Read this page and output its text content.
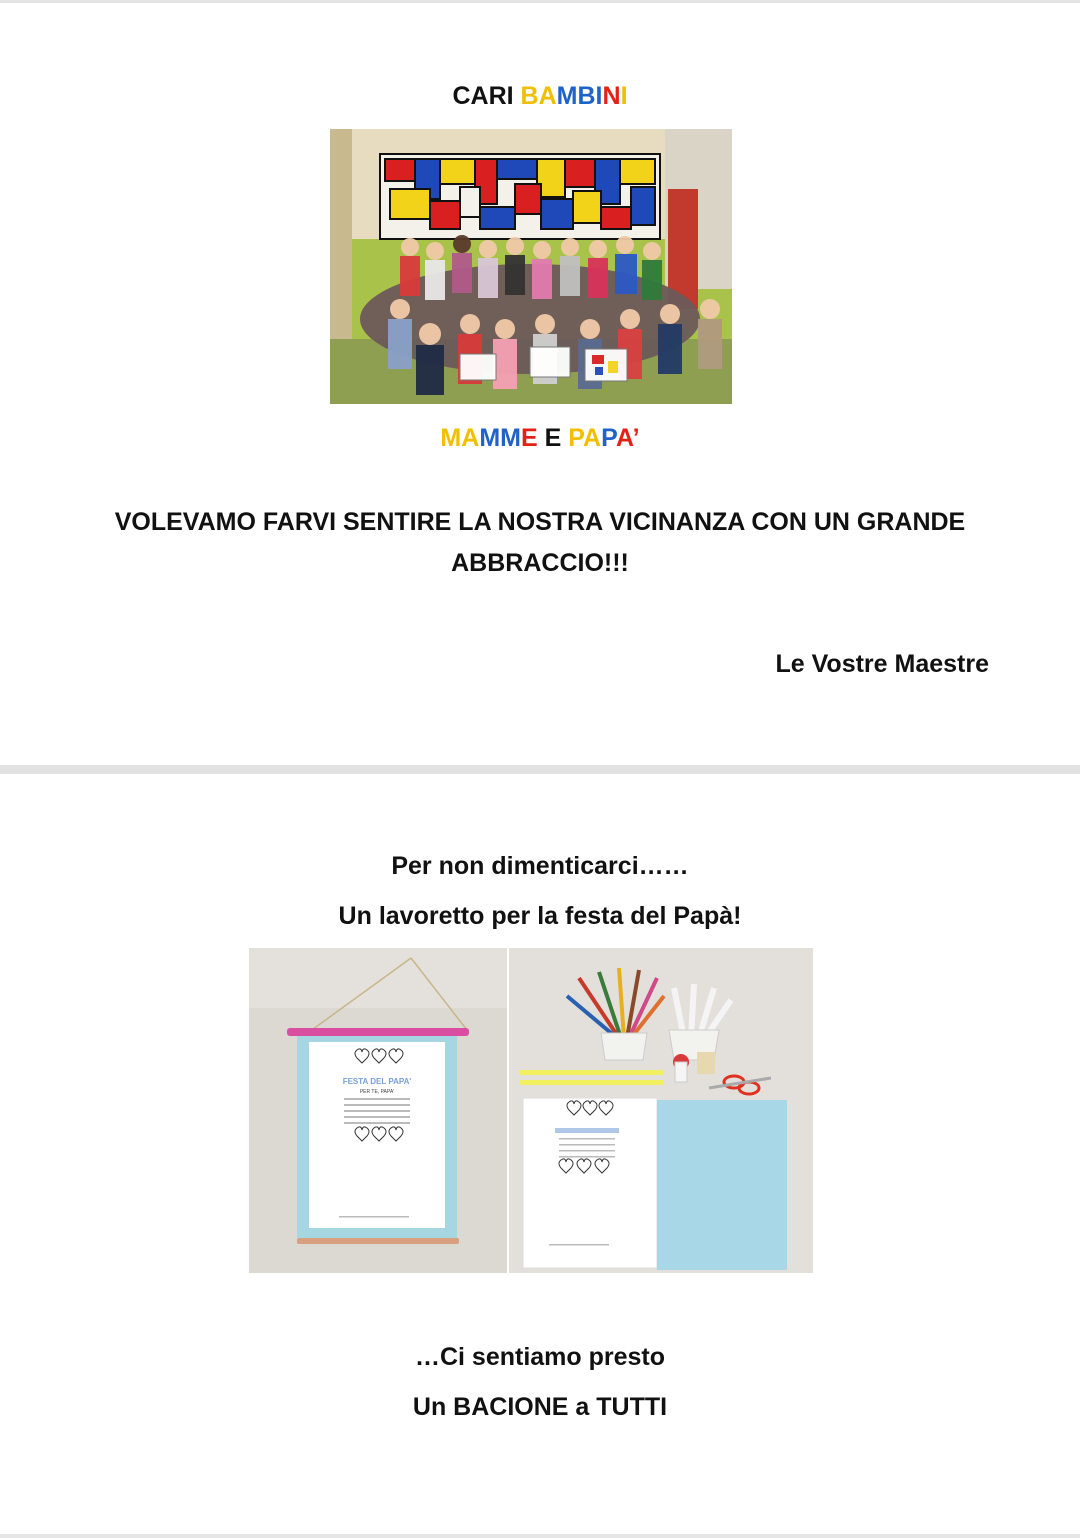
CARI BAMBINI
MAMME E PAPA’
VOLEVAMO FARVI SENTIRE LA NOSTRA VICINANZA CON UN GRANDE
ABBRACCIO!!!
Le Vostre Maestre
Per non dimenticarci……
Un lavoretto per la festa del Papà!
FESTA DEL PAPA'
PER TE, PAPA'
…Ci sentiamo presto
Un BACIONE a TUTTI
